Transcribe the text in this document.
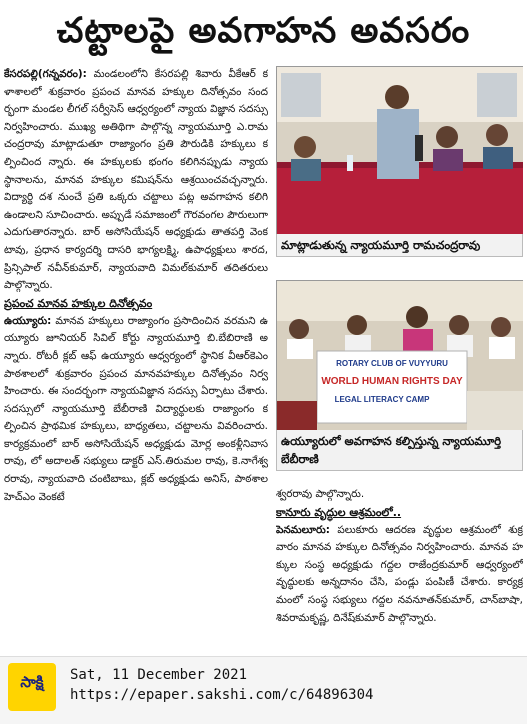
చట్టాలపై అవగాహన అవసరం

కేసరపల్లి(గన్నవరం): మండలంలోని కేసరపల్లి శివారు వీకేఆర్ కళాశాలలో శుక్రవారం ప్రపంచ మానవ హక్కుల దినోత్సవం సందర్భంగా మండల లీగల్ సర్వీసెస్ ఆధ్వర్యంలో న్యాయ విజ్ఞాన సదస్సు నిర్వహించారు. ముఖ్య అతిథిగా పాల్గొన్న న్యాయమూర్తి ఎ.రామచంద్రరావు మాట్లాడుతూ రాజ్యాంగం ప్రతి పౌరుడికి హక్కులు కల్పించింద న్నారు. ఈ హక్కులకు భంగం కలిగినప్పుడు న్యాయస్థానాలను, మానవ హక్కుల కమిషన్‌ను ఆశ్రయించవచ్చన్నారు. విద్యార్థి దశ నుంచే ప్రతి ఒక్కరు చట్టాలు పట్ల అవగాహన కలిగి ఉండాలని సూచించారు. అప్పుడే సమాజంలో గౌరవంగల పౌరులుగా ఎదుగుతారన్నారు. బార్ అసోసియేషన్ అధ్యక్షుడు తాతపర్తి వెంకటావు, ప్రధాన కార్యదర్శి దాసరి భాగ్యలక్ష్మి, ఉపాధ్యక్షులు శారద, ప్రిన్సిపాల్ నవీన్‌కుమార్, న్యాయవాది విమల్‌కుమార్ తదితరులు పాల్గొన్నారు.

ప్రపంచ మానవ హక్కుల దినోత్సవం

ఉయ్యూరు: మానవ హక్కులు రాజ్యాంగం ప్రసాదించిన వరమని ఉయ్యూరు జూనియర్ సివిల్ కోర్టు న్యాయమూర్తి బి.బేబిరాణి అన్నారు. రోటరీ క్లబ్ ఆఫ్ ఉయ్యూరు ఆధ్వర్యంలో స్థానిక వీఆర్‌కెఎం పాఠశాలలో శుక్రవారం ప్రపంచ మానవహక్కుల దినోత్సవం నిర్వహించారు. ఈ సందర్భంగా న్యాయవిజ్ఞాన సదస్సు ఏర్పాటు చేశారు. సదస్సులో న్యాయమూర్తి బేబీరాణి విద్యార్థులకు రాజ్యాంగం కల్పించిన ప్రాథమిక హక్కులు, బాధ్యతలు, చట్టాలను వివరించారు. కార్యక్రమంలో బార్ అసోసియేషన్ అధ్యక్షుడు మోర్ల అంకళ్లీనివాస రావు, లో అదాలత్ సభ్యులు డాక్టర్ ఎస్.తిరుమల రావు, కె.నాగేశ్వరరావు, న్యాయవాది చంటిబాబు, క్లబ్ అధ్యక్షుడు అనిస్, పాఠశాల హెచ్ఎం వెంకటే

మాట్లాడుతున్న న్యాయమూర్తి రామచంద్రరావు
ROTARY CLUB OF VUYYURU
WORLD HUMAN RIGHTS DAY
LEGAL LITERACY CAMP
ఉయ్యూరులో అవగాహన కల్పిస్తున్న న్యాయమూర్తి బేబీరాణి

శ్వరరావు పాల్గొన్నారు.

కానూరు వృద్ధుల ఆశ్రమంలో..

పెనమలూరు: పలుకూరు ఆదరణ వృద్ధుల ఆశ్రమంలో శుక్రవారం మానవ హక్కుల దినోత్సవం నిర్వహించారు. మానవ హక్కుల సంస్థ అధ్యక్షుడు గద్దల రాజేంద్రకుమార్ ఆధ్వర్యంలో వృద్ధులకు అన్నదానం చేసి, పండ్లు పంపిణీ చేశారు. కార్యక్రమంలో సంస్థ సభ్యులు గద్దల నవనూతన్‌కుమార్, చాన్‌బాషా, శివరామకృష్ణ, దినేష్‌కుమార్ పాల్గొన్నారు.

సాక్షి	Sat, 11 December 2021
https://epaper.sakshi.com/c/64896304
